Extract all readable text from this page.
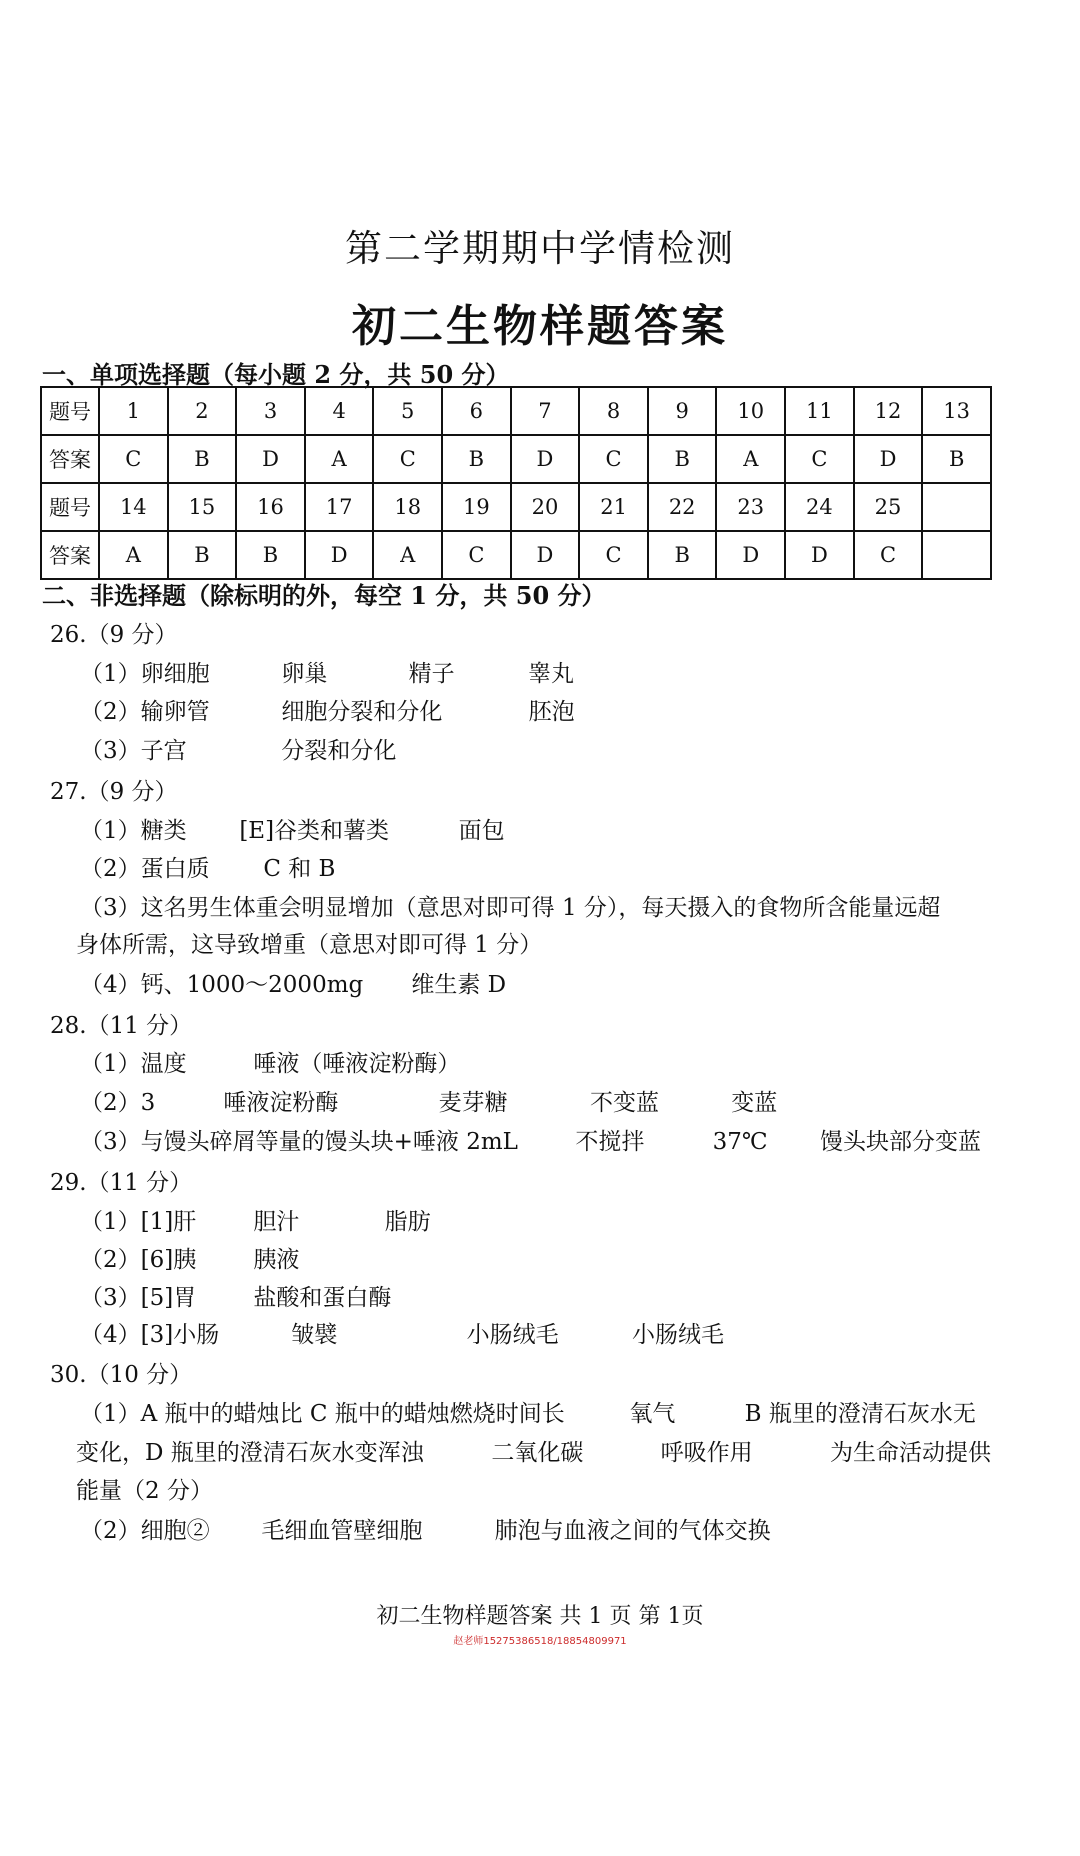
第二学期期中学情检测
初二生物样题答案
一、单项选择题（每小题 2 分，共 50 分）
题号	1	2	3	4	5	6	7	8	9	10	11	12	13
答案	C	B	D	A	C	B	D	C	B	A	C	D	B
题号	14	15	16	17	18	19	20	21	22	23	24	25	
答案	A	B	B	D	A	C	D	C	B	D	D	C	
二、非选择题（除标明的外，每空 1 分，共 50 分）
26.（9 分）
（1）卵细胞	卵巢	精子	睾丸
（2）输卵管	细胞分裂和分化	胚泡
（3）子宫	分裂和分化
27.（9 分）
（1）糖类 [E]谷类和薯类	面包
（2）蛋白质 C 和 B
（3）这名男生体重会明显增加（意思对即可得 1 分），每天摄入的食物所含能量远超
身体所需，这导致增重（意思对即可得 1 分）
（4）钙、1000～2000mg 维生素 D
28.（11 分）
（1）温度	唾液（唾液淀粉酶）
（2）3	唾液淀粉酶	麦芽糖	不变蓝	变蓝
（3）与馒头碎屑等量的馒头块+唾液 2mL 不搅拌	37℃ 馒头块部分变蓝
29.（11 分）
（1）[1]肝 胆汁	脂肪
（2）[6]胰 胰液
（3）[5]胃 盐酸和蛋白酶
（4）[3]小肠	皱襞	小肠绒毛	小肠绒毛
30.（10 分）
（1）A 瓶中的蜡烛比 C 瓶中的蜡烛燃烧时间长	氧气	B 瓶里的澄清石灰水无
变化，D 瓶里的澄清石灰水变浑浊	二氧化碳	呼吸作用	为生命活动提供
能量（2 分）
（2）细胞② 毛细血管壁细胞	肺泡与血液之间的气体交换
初二生物样题答案 共 1 页 第 1页
赵老师15275386518/18854809971
